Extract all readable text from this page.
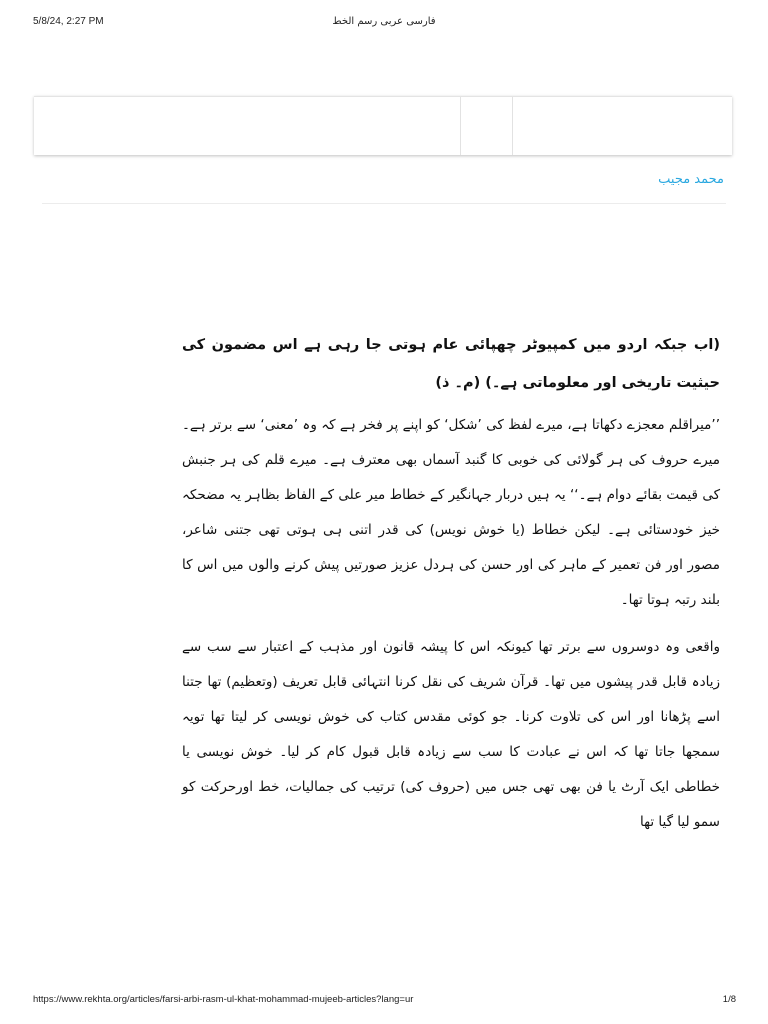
5/8/24, 2:27 PM	فارسی عربی رسم الخط
محمد مجیب

(اب جبکہ اردو میں کمپیوٹر چھپائی عام ہوتی جا رہی ہے اس مضمون کی حیثیت تاریخی اور معلوماتی ہے۔) (م۔ ذ)

’’میراقلم معجزے دکھاتا ہے، میرے لفظ کی ’شکل‘ کو اپنے پر فخر ہے کہ وہ ’معنی‘ سے برتر ہے۔ میرے حروف کی ہر گولائی کی خوبی کا گنبد آسماں بھی معترف ہے۔ میرے قلم کی ہر جنبش کی قیمت بقائے دوام ہے۔‘‘ یہ ہیں دربار جہانگیر کے خطاط میر علی کے الفاظ بظاہر یہ مضحکہ خیز خودستائی ہے۔ لیکن خطاط (یا خوش نویس) کی قدر اتنی ہی ہوتی تھی جتنی شاعر، مصور اور فن تعمیر کے ماہر کی اور حسن کی ہردل عزیز صورتیں پیش کرنے والوں میں اس کا بلند رتبہ ہوتا تھا۔

واقعی وہ دوسروں سے برتر تھا کیونکہ اس کا پیشہ قانون اور مذہب کے اعتبار سے سب سے زیادہ قابل قدر پیشوں میں تھا۔ قرآن شریف کی نقل کرنا انتہائی قابل تعریف (وتعظیم) تھا جتنا اسے پڑھانا اور اس کی تلاوت کرنا۔ جو کوئی مقدس کتاب کی خوش نویسی کر لیتا تھا تویہ سمجھا جاتا تھا کہ اس نے عبادت کا سب سے زیادہ قابل قبول کام کر لیا۔ خوش نویسی یا خطاطی ایک آرٹ یا فن بھی تھی جس میں (حروف کی) ترتیب کی جمالیات، خط اورحرکت کو سمو لیا گیا تھا

https://www.rekhta.org/articles/farsi-arbi-rasm-ul-khat-mohammad-mujeeb-articles?lang=ur	1/8
